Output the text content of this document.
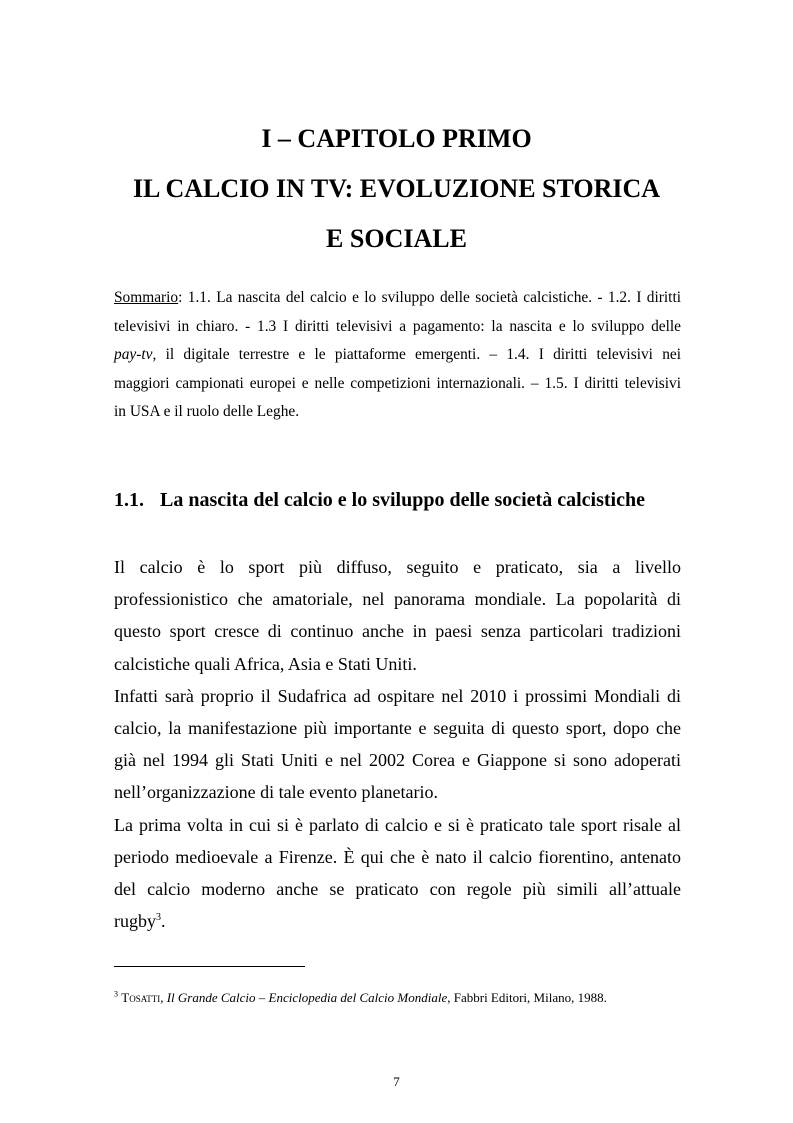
I – CAPITOLO PRIMO
IL CALCIO IN TV: EVOLUZIONE STORICA
E SOCIALE
Sommario: 1.1. La nascita del calcio e lo sviluppo delle società calcistiche. - 1.2. I diritti
televisivi in chiaro. - 1.3 I diritti televisivi a pagamento: la nascita e lo sviluppo delle
pay-tv, il digitale terrestre e le piattaforme emergenti. – 1.4. I diritti televisivi nei
maggiori campionati europei e nelle competizioni internazionali. – 1.5. I diritti televisivi
in USA e il ruolo delle Leghe.
1.1. La nascita del calcio e lo sviluppo delle società calcistiche
Il calcio è lo sport più diffuso, seguito e praticato, sia a livello
professionistico che amatoriale, nel panorama mondiale. La popolarità di
questo sport cresce di continuo anche in paesi senza particolari tradizioni
calcistiche quali Africa, Asia e Stati Uniti.
Infatti sarà proprio il Sudafrica ad ospitare nel 2010 i prossimi Mondiali di
calcio, la manifestazione più importante e seguita di questo sport, dopo che
già nel 1994 gli Stati Uniti e nel 2002 Corea e Giappone si sono adoperati
nell’organizzazione di tale evento planetario.
La prima volta in cui si è parlato di calcio e si è praticato tale sport risale al
periodo medioevale a Firenze. È qui che è nato il calcio fiorentino, antenato
del calcio moderno anche se praticato con regole più simili all’attuale
rugby$^3$.
$^3$ Tosatti, Il Grande Calcio – Enciclopedia del Calcio Mondiale, Fabbri Editori, Milano, 1988.
7
